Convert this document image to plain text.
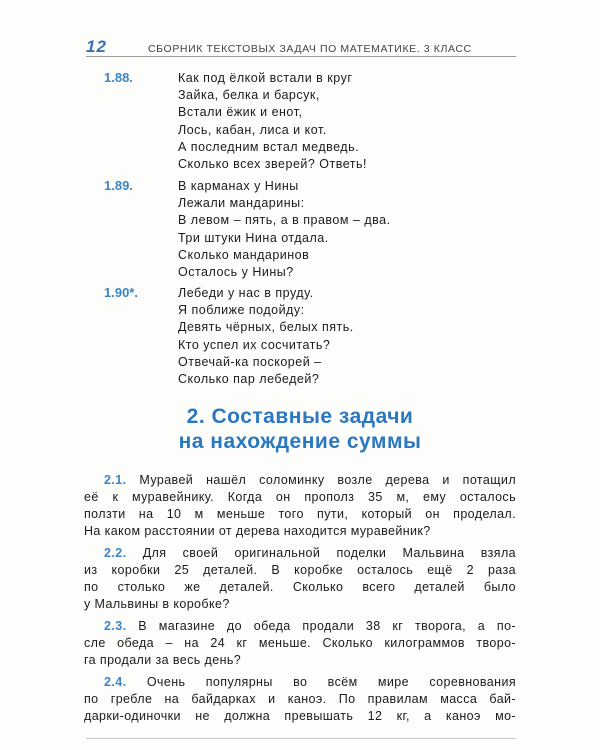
12	СБОРНИК ТЕКСТОВЫХ ЗАДАЧ ПО МАТЕМАТИКЕ. 3 КЛАСС
1.88.	Как под ёлкой встали в круг
Зайка, белка и барсук,
Встали ёжик и енот,
Лось, кабан, лиса и кот.
А последним встал медведь.
Сколько всех зверей? Ответь!
1.89.	В карманах у Нины
Лежали мандарины:
В левом – пять, а в правом – два.
Три штуки Нина отдала.
Сколько мандаринов
Осталось у Нины?
1.90*.	Лебеди у нас в пруду.
Я поближе подойду:
Девять чёрных, белых пять.
Кто успел их сосчитать?
Отвечай-ка поскорей –
Сколько пар лебедей?
2. Составные задачи
на нахождение суммы
2.1. Муравей нашёл соломинку возле дерева и потащил
её к муравейнику. Когда он прополз 35 м, ему осталось
ползти на 10 м меньше того пути, который он проделал.
На каком расстоянии от дерева находится муравейник?
2.2. Для своей оригинальной поделки Мальвина взяла
из коробки 25 деталей. В коробке осталось ещё 2 раза
по столько же деталей. Сколько всего деталей было
у Мальвины в коробке?
2.3. В магазине до обеда продали 38 кг творога, а по-
сле обеда – на 24 кг меньше. Сколько килограммов творо-
га продали за весь день?
2.4. Очень популярны во всём мире соревнования
по гребле на байдарках и каноэ. По правилам масса бай-
дарки-одиночки не должна превышать 12 кг, а каноэ мо-
